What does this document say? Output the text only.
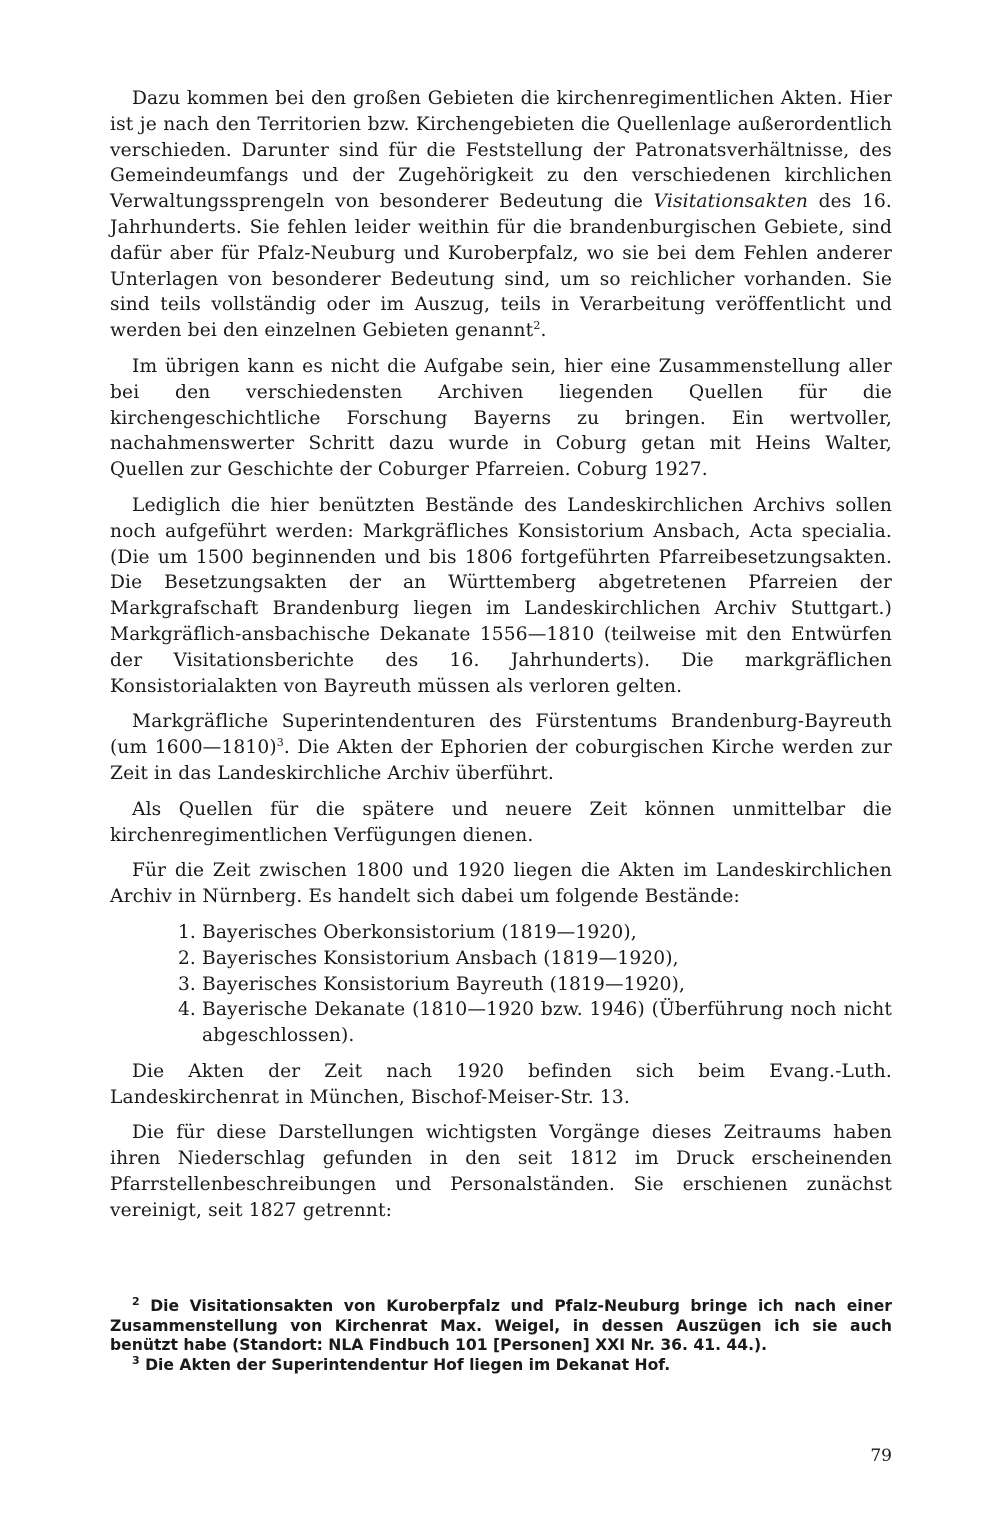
Dazu kommen bei den großen Gebieten die kirchenregimentlichen Akten. Hier ist je nach den Territorien bzw. Kirchengebieten die Quellenlage außerordentlich verschieden. Darunter sind für die Feststellung der Patronatsverhältnisse, des Gemeindeumfangs und der Zugehörigkeit zu den verschiedenen kirchlichen Verwaltungssprengeln von besonderer Bedeutung die Visitationsakten des 16. Jahrhunderts. Sie fehlen leider weithin für die brandenburgischen Gebiete, sind dafür aber für Pfalz-Neuburg und Kuroberpfalz, wo sie bei dem Fehlen anderer Unterlagen von besonderer Bedeutung sind, um so reichlicher vorhanden. Sie sind teils vollständig oder im Auszug, teils in Verarbeitung veröffentlicht und werden bei den einzelnen Gebieten genannt$^2$.

Im übrigen kann es nicht die Aufgabe sein, hier eine Zusammenstellung aller bei den verschiedensten Archiven liegenden Quellen für die kirchengeschichtliche Forschung Bayerns zu bringen. Ein wertvoller, nachahmenswerter Schritt dazu wurde in Coburg getan mit Heins Walter, Quellen zur Geschichte der Coburger Pfarreien. Coburg 1927.

Lediglich die hier benützten Bestände des Landeskirchlichen Archivs sollen noch aufgeführt werden: Markgräfliches Konsistorium Ansbach, Acta specialia. (Die um 1500 beginnenden und bis 1806 fortgeführten Pfarreibesetzungsakten. Die Besetzungsakten der an Württemberg abgetretenen Pfarreien der Markgrafschaft Brandenburg liegen im Landeskirchlichen Archiv Stuttgart.) Markgräflich-ansbachische Dekanate 1556—1810 (teilweise mit den Entwürfen der Visitationsberichte des 16. Jahrhunderts). Die markgräflichen Konsistorialakten von Bayreuth müssen als verloren gelten.

Markgräfliche Superintendenturen des Fürstentums Brandenburg-Bayreuth (um 1600—1810)$^3$. Die Akten der Ephorien der coburgischen Kirche werden zur Zeit in das Landeskirchliche Archiv überführt.

Als Quellen für die spätere und neuere Zeit können unmittelbar die kirchenregimentlichen Verfügungen dienen.

Für die Zeit zwischen 1800 und 1920 liegen die Akten im Landeskirchlichen Archiv in Nürnberg. Es handelt sich dabei um folgende Bestände:

1. Bayerisches Oberkonsistorium (1819—1920),
2. Bayerisches Konsistorium Ansbach (1819—1920),
3. Bayerisches Konsistorium Bayreuth (1819—1920),
4. Bayerische Dekanate (1810—1920 bzw. 1946) (Überführung noch nicht abgeschlossen).

Die Akten der Zeit nach 1920 befinden sich beim Evang.-Luth. Landeskirchenrat in München, Bischof-Meiser-Str. 13.

Die für diese Darstellungen wichtigsten Vorgänge dieses Zeitraums haben ihren Niederschlag gefunden in den seit 1812 im Druck erscheinenden Pfarrstellenbeschreibungen und Personalständen. Sie erschienen zunächst vereinigt, seit 1827 getrennt:

$^2$ Die Visitationsakten von Kuroberpfalz und Pfalz-Neuburg bringe ich nach einer Zusammenstellung von Kirchenrat Max. Weigel, in dessen Auszügen ich sie auch benützt habe (Standort: NLA Findbuch 101 [Personen] XXI Nr. 36. 41. 44.).

$^3$ Die Akten der Superintendentur Hof liegen im Dekanat Hof.

79
